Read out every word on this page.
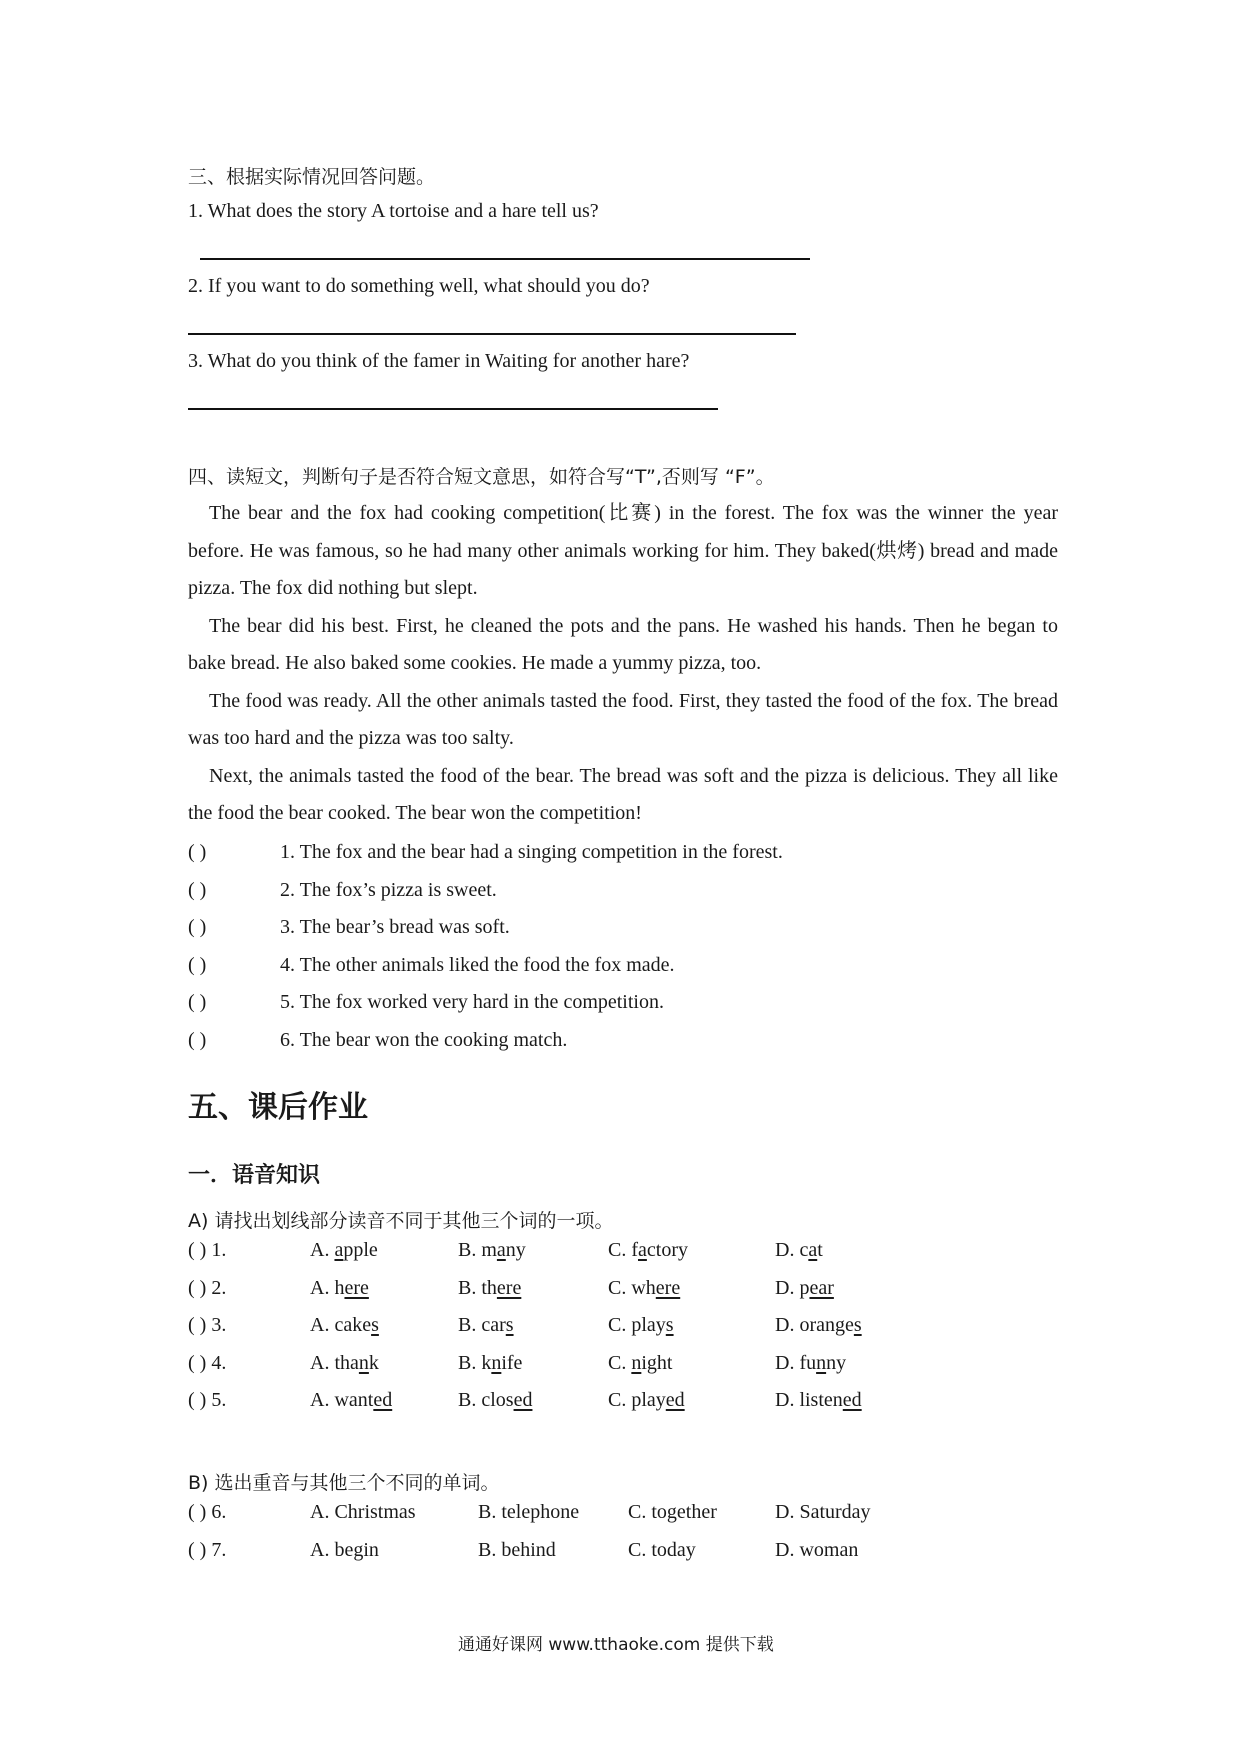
三、根据实际情况回答问题。
1. What does the story A tortoise and a hare tell us?
2. If you want to do something well, what should you do?
3. What do you think of the famer in Waiting for another hare?
四、读短文，判断句子是否符合短文意思，如符合写“T”,否则写 “F”。

The bear and the fox had cooking competition(比赛) in the forest. The fox was the winner the year before. He was famous, so he had many other animals working for him. They baked(烘烤) bread and made pizza. The fox did nothing but slept.

The bear did his best. First, he cleaned the pots and the pans. He washed his hands. Then he began to bake bread. He also baked some cookies. He made a yummy pizza, too.

The food was ready. All the other animals tasted the food. First, they tasted the food of the fox. The bread was too hard and the pizza was too salty.

Next, the animals tasted the food of the bear. The bread was soft and the pizza is delicious. They all like the food the bear cooked. The bear won the competition!

( )	1. The fox and the bear had a singing competition in the forest.
( )	2. The fox’s pizza is sweet.
( )	3. The bear’s bread was soft.
( )	4. The other animals liked the food the fox made.
( )	5. The fox worked very hard in the competition.
( )	6. The bear won the cooking match.
五、课后作业
一．语音知识
A) 请找出划线部分读音不同于其他三个词的一项。
( ) 1.	A. apple	B. many	C. factory	D. cat
( ) 2.	A. here	B. there	C. where	D. pear
( ) 3.	A. cakes	B. cars	C. plays	D. oranges
( ) 4.	A. thank	B. knife	C. night	D. funny
( ) 5.	A. wanted	B. closed	C. played	D. listened
B) 选出重音与其他三个不同的单词。
( ) 6.	A. Christmas	B. telephone C. together	D. Saturday
( ) 7.	A. begin	B. behind	C. today	D. woman
通通好课网 www.tthaoke.com 提供下载
